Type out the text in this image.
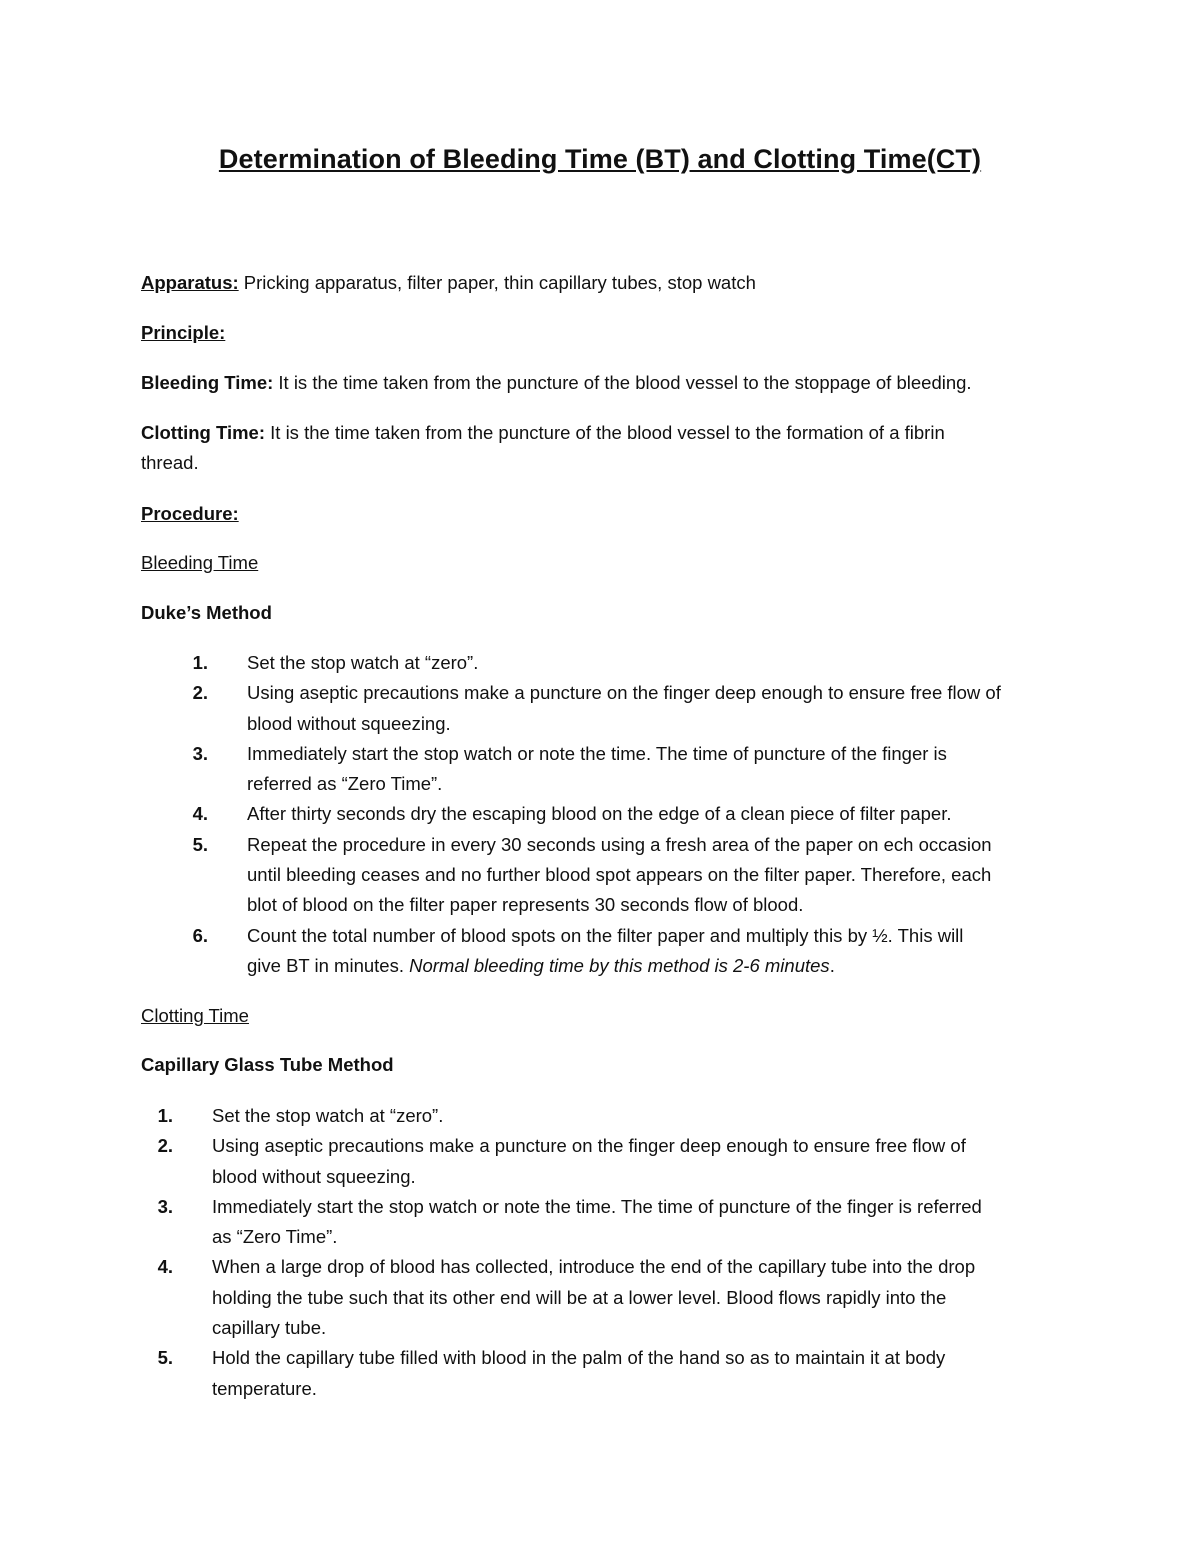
Determination of Bleeding Time (BT) and Clotting Time(CT)
Apparatus: Pricking apparatus, filter paper, thin capillary tubes, stop watch
Principle:
Bleeding Time: It is the time taken from the puncture of the blood vessel to the stoppage of bleeding.
Clotting Time: It is the time taken from the puncture of the blood vessel to the formation of a fibrin
thread.
Procedure:
Bleeding Time
Duke’s Method
1.	Set the stop watch at “zero”.
2.	Using aseptic precautions make a puncture on the finger deep enough to ensure free flow of
blood without squeezing.
3.	Immediately start the stop watch or note the time. The time of puncture of the finger is
referred as “Zero Time”.
4.	After thirty seconds dry the escaping blood on the edge of a clean piece of filter paper.
5.	Repeat the procedure in every 30 seconds using a fresh area of the paper on ech occasion
until bleeding ceases and no further blood spot appears on the filter paper. Therefore, each
blot of blood on the filter paper represents 30 seconds flow of blood.
6.	Count the total number of blood spots on the filter paper and multiply this by ½. This will
give BT in minutes. Normal bleeding time by this method is 2-6 minutes.
Clotting Time
Capillary Glass Tube Method
1.	Set the stop watch at “zero”.
2.	Using aseptic precautions make a puncture on the finger deep enough to ensure free flow of
blood without squeezing.
3.	Immediately start the stop watch or note the time. The time of puncture of the finger is referred
as “Zero Time”.
4.	When a large drop of blood has collected, introduce the end of the capillary tube into the drop
holding the tube such that its other end will be at a lower level. Blood flows rapidly into the
capillary tube.
5.	Hold the capillary tube filled with blood in the palm of the hand so as to maintain it at body
temperature.
